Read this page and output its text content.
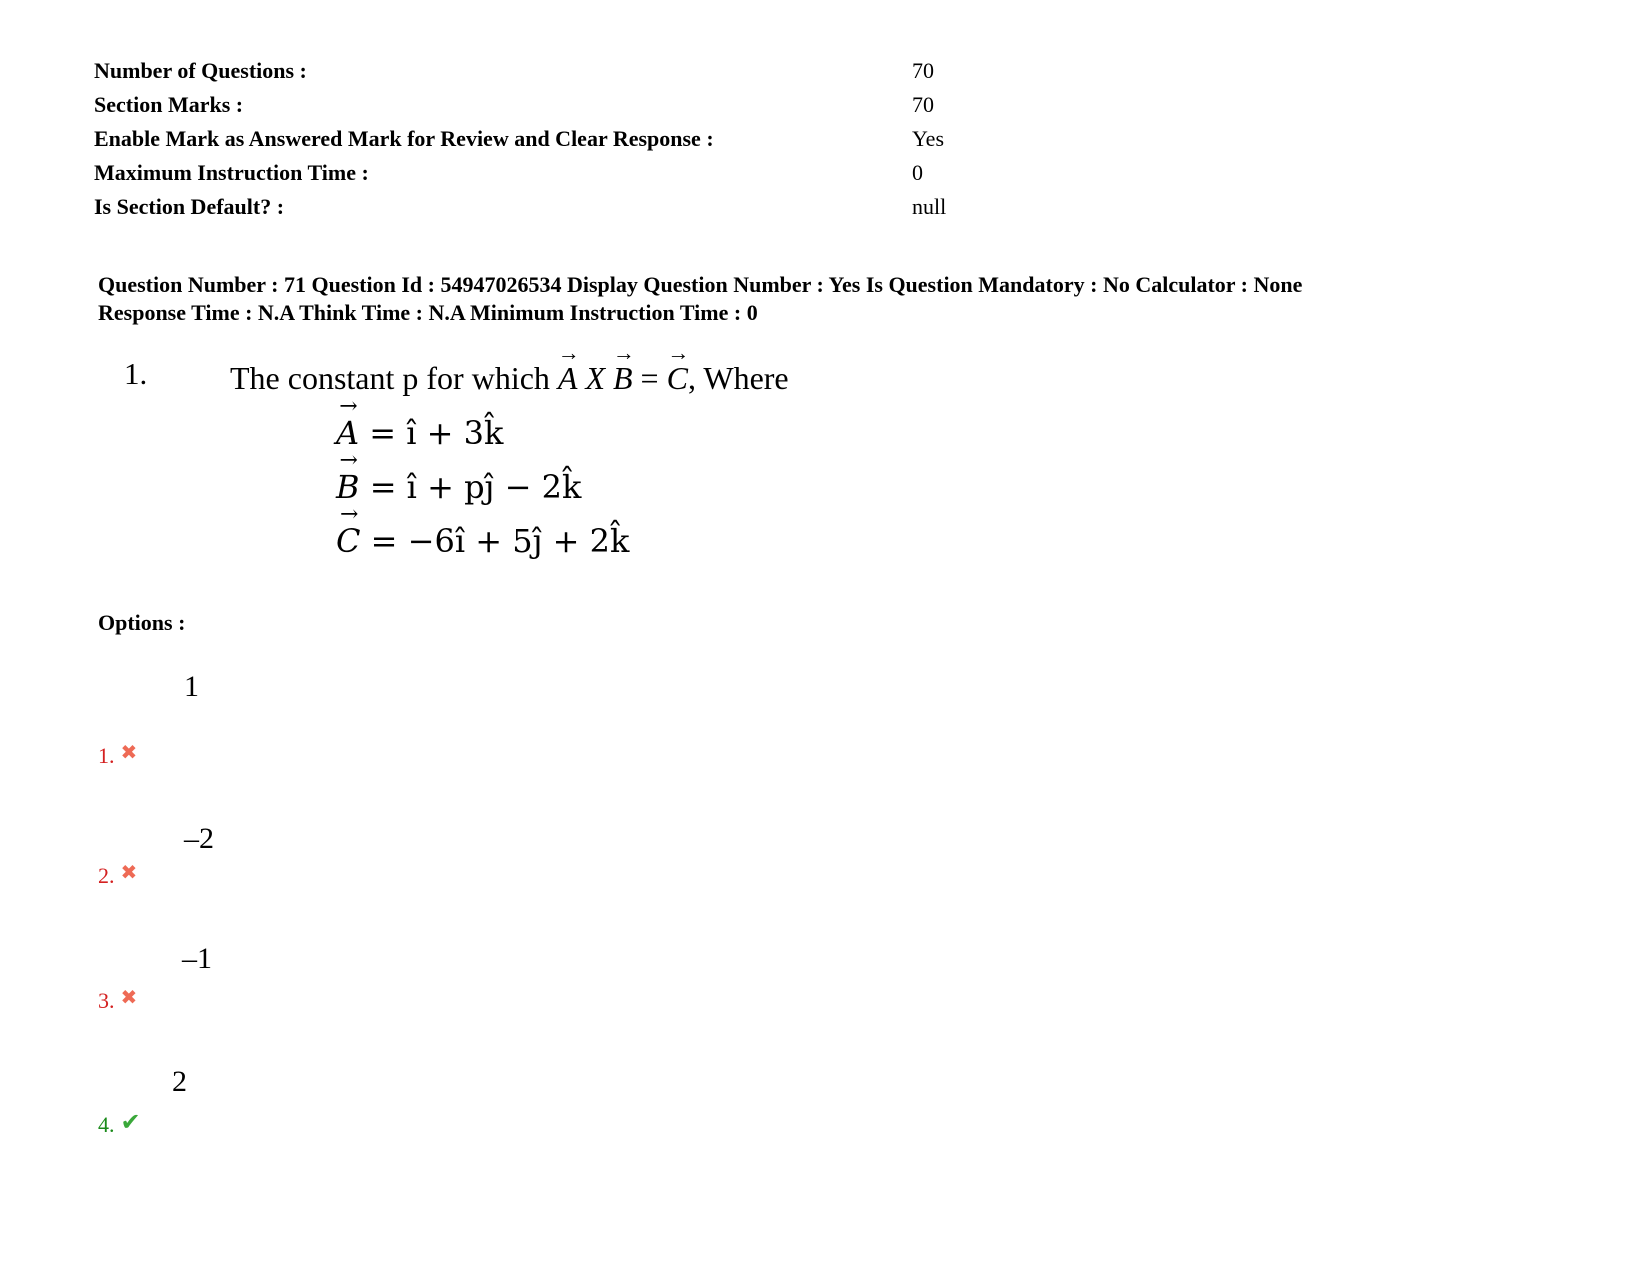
Number of Questions :	70
Section Marks :	70
Enable Mark as Answered Mark for Review and Clear Response :	Yes
Maximum Instruction Time :	0
Is Section Default? :	null
Question Number : 71 Question Id : 54947026534 Display Question Number : Yes Is Question Mandatory : No Calculator : None
Response Time : N.A Think Time : N.A Minimum Instruction Time : 0
1.	The constant p for which → A X → B = → C, Where
→ A = î + 3k̂
→ B = î + pĵ − 2k̂
→ C = −6î + 5ĵ + 2k̂
Options :
1
1. ✖
–2
2. ✖
–1
3. ✖
2
4. ✔
